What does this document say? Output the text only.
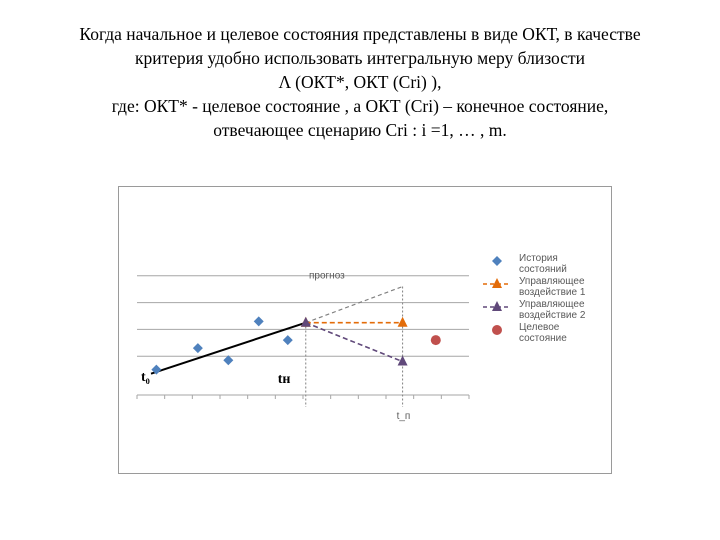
Когда начальное и целевое состояния представлены в виде ОКТ, в качестве
критерия удобно использовать интегральную меру близости
Λ (ОКТ*, ОКТ (Cri) ),
где: ОКТ* - целевое состояние , а ОКТ (Cri) – конечное состояние,
отвечающее сценарию Cri : i =1, … , m.
прогноз
t₀	tн
t_п
История состояний
Управляющее воздействие 1
Управляющее воздействие 2
Целевое состояние
